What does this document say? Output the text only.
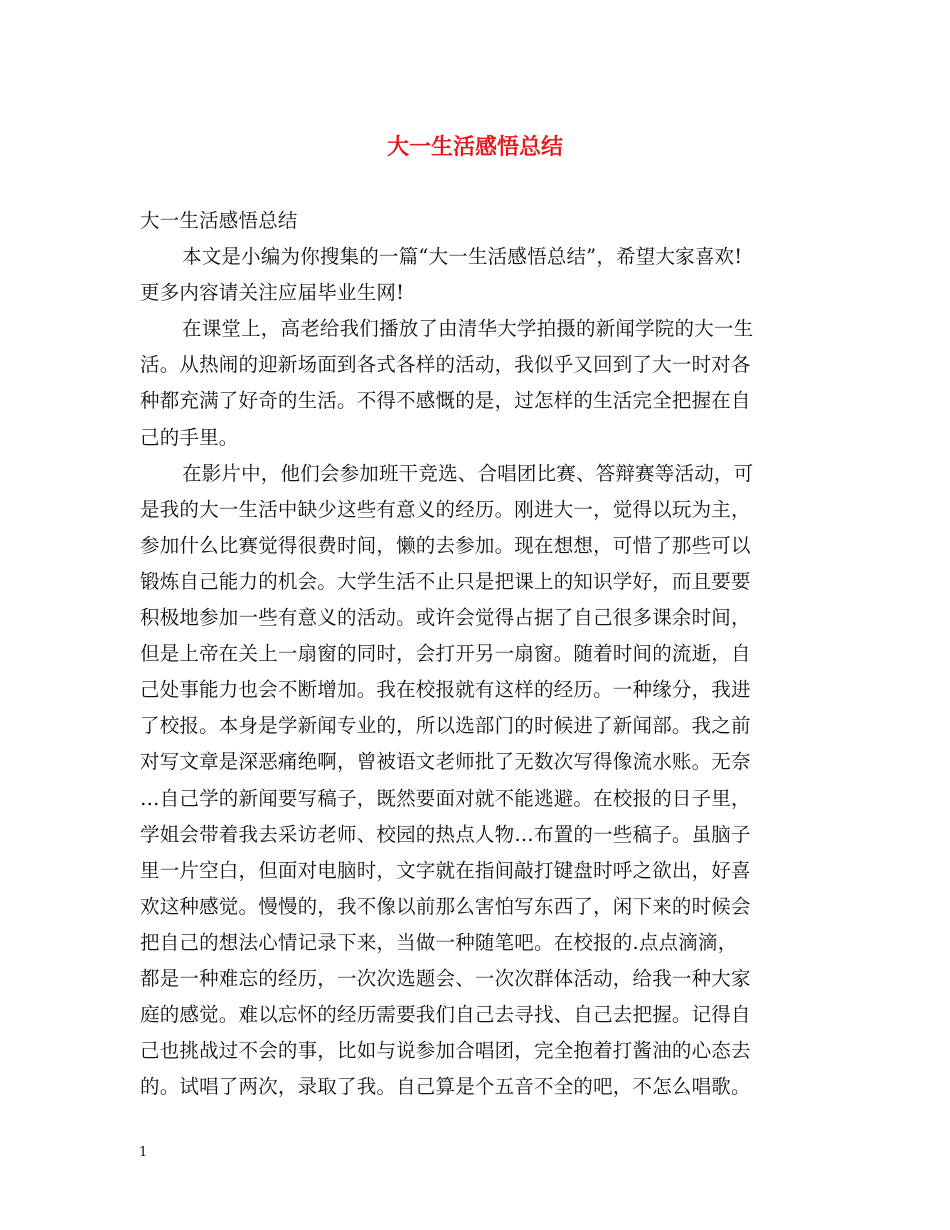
大一生活感悟总结
大一生活感悟总结
本文是小编为你搜集的一篇“大一生活感悟总结”，希望大家喜欢!
更多内容请关注应届毕业生网!
在课堂上，高老给我们播放了由清华大学拍摄的新闻学院的大一生
活。从热闹的迎新场面到各式各样的活动，我似乎又回到了大一时对各
种都充满了好奇的生活。不得不感慨的是，过怎样的生活完全把握在自
己的手里。
在影片中，他们会参加班干竞选、合唱团比赛、答辩赛等活动，可
是我的大一生活中缺少这些有意义的经历。刚进大一，觉得以玩为主，
参加什么比赛觉得很费时间，懒的去参加。现在想想，可惜了那些可以
锻炼自己能力的机会。大学生活不止只是把课上的知识学好，而且要要
积极地参加一些有意义的活动。或许会觉得占据了自己很多课余时间，
但是上帝在关上一扇窗的同时，会打开另一扇窗。随着时间的流逝，自
己处事能力也会不断增加。我在校报就有这样的经历。一种缘分，我进
了校报。本身是学新闻专业的，所以选部门的时候进了新闻部。我之前
对写文章是深恶痛绝啊，曾被语文老师批了无数次写得像流水账。无奈
…自己学的新闻要写稿子，既然要面对就不能逃避。在校报的日子里，
学姐会带着我去采访老师、校园的热点人物…布置的一些稿子。虽脑子
里一片空白，但面对电脑时，文字就在指间敲打键盘时呼之欲出，好喜
欢这种感觉。慢慢的，我不像以前那么害怕写东西了，闲下来的时候会
把自己的想法心情记录下来，当做一种随笔吧。在校报的.点点滴滴，
都是一种难忘的经历，一次次选题会、一次次群体活动，给我一种大家
庭的感觉。难以忘怀的经历需要我们自己去寻找、自己去把握。记得自
己也挑战过不会的事，比如与说参加合唱团，完全抱着打酱油的心态去
的。试唱了两次，录取了我。自己算是个五音不全的吧，不怎么唱歌。
1
